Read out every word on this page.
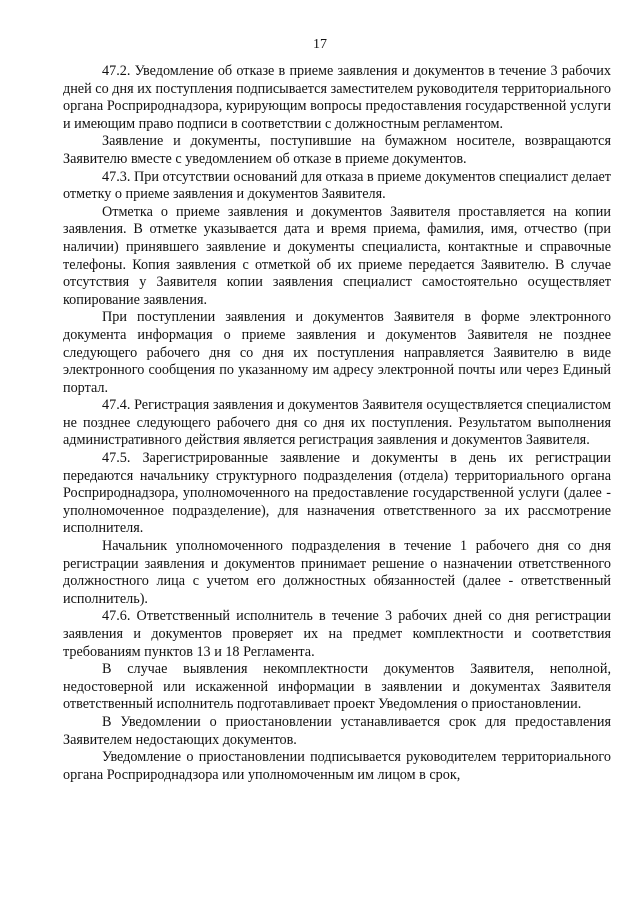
17

47.2. Уведомление об отказе в приеме заявления и документов в течение 3 рабочих дней со дня их поступления подписывается заместителем руководителя территориального органа Росприроднадзора, курирующим вопросы предоставления государственной услуги и имеющим право подписи в соответствии с должностным регламентом.

Заявление и документы, поступившие на бумажном носителе, возвращаются Заявителю вместе с уведомлением об отказе в приеме документов.

47.3. При отсутствии оснований для отказа в приеме документов специалист делает отметку о приеме заявления и документов Заявителя.

Отметка о приеме заявления и документов Заявителя проставляется на копии заявления. В отметке указывается дата и время приема, фамилия, имя, отчество (при наличии) принявшего заявление и документы специалиста, контактные и справочные телефоны. Копия заявления с отметкой об их приеме передается Заявителю. В случае отсутствия у Заявителя копии заявления специалист самостоятельно осуществляет копирование заявления.

При поступлении заявления и документов Заявителя в форме электронного документа информация о приеме заявления и документов Заявителя не позднее следующего рабочего дня со дня их поступления направляется Заявителю в виде электронного сообщения по указанному им адресу электронной почты или через Единый портал.

47.4. Регистрация заявления и документов Заявителя осуществляется специалистом не позднее следующего рабочего дня со дня их поступления. Результатом выполнения административного действия является регистрация заявления и документов Заявителя.

47.5. Зарегистрированные заявление и документы в день их регистрации передаются начальнику структурного подразделения (отдела) территориального органа Росприроднадзора, уполномоченного на предоставление государственной услуги (далее - уполномоченное подразделение), для назначения ответственного за их рассмотрение исполнителя.

Начальник уполномоченного подразделения в течение 1 рабочего дня со дня регистрации заявления и документов принимает решение о назначении ответственного должностного лица с учетом его должностных обязанностей (далее - ответственный исполнитель).

47.6. Ответственный исполнитель в течение 3 рабочих дней со дня регистрации заявления и документов проверяет их на предмет комплектности и соответствия требованиям пунктов 13 и 18 Регламента.

В случае выявления некомплектности документов Заявителя, неполной, недостоверной или искаженной информации в заявлении и документах Заявителя ответственный исполнитель подготавливает проект Уведомления о приостановлении.

В Уведомлении о приостановлении устанавливается срок для предоставления Заявителем недостающих документов.

Уведомление о приостановлении подписывается руководителем территориального органа Росприроднадзора или уполномоченным им лицом в срок,
